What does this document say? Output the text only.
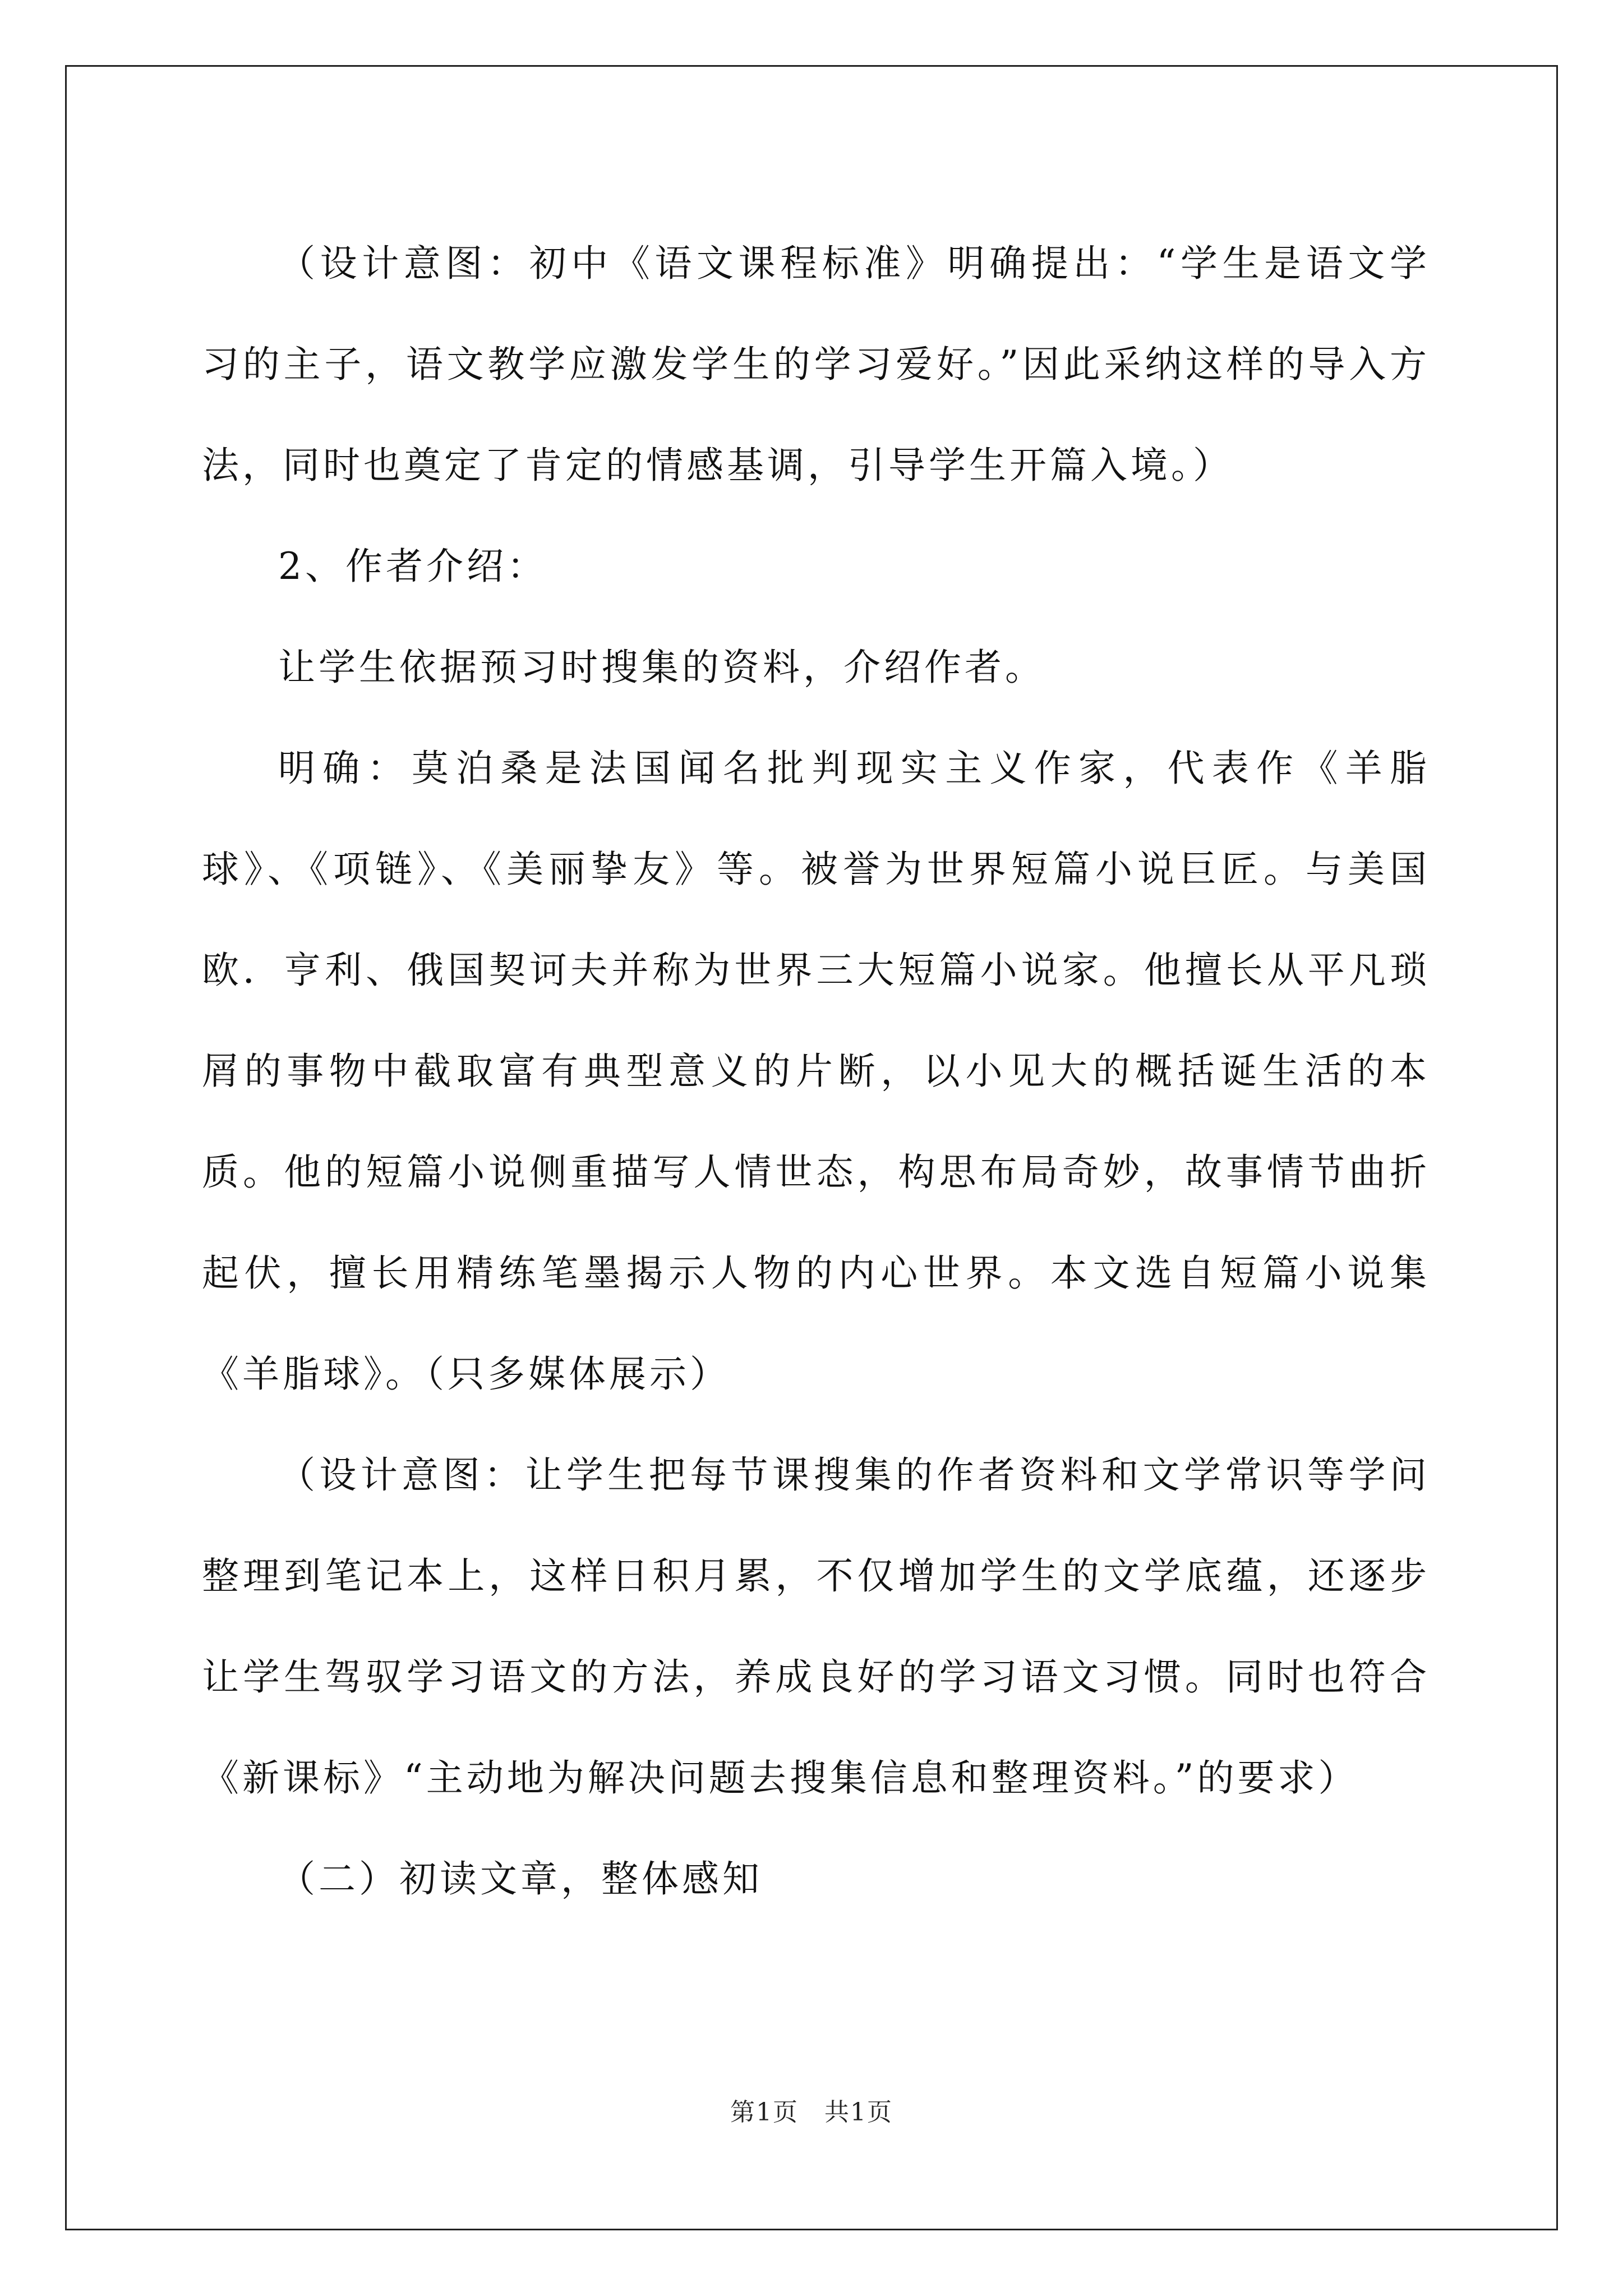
（设计意图：初中《语文课程标准》明确提出：“学生是语文学习的主子，语文教学应激发学生的学习爱好。”因此采纳这样的导入方法，同时也奠定了肯定的情感基调，引导学生开篇入境。）

2、作者介绍：

让学生依据预习时搜集的资料，介绍作者。

明确：莫泊桑是法国闻名批判现实主义作家，代表作《羊脂球》、《项链》、《美丽挚友》等。被誉为世界短篇小说巨匠。与美国欧．亨利、俄国契诃夫并称为世界三大短篇小说家。他擅长从平凡琐屑的事物中截取富有典型意义的片断，以小见大的概括诞生活的本质。他的短篇小说侧重描写人情世态，构思布局奇妙，故事情节曲折起伏，擅长用精练笔墨揭示人物的内心世界。本文选自短篇小说集《羊脂球》。（只多媒体展示）

（设计意图：让学生把每节课搜集的作者资料和文学常识等学问整理到笔记本上，这样日积月累，不仅增加学生的文学底蕴，还逐步让学生驾驭学习语文的方法，养成良好的学习语文习惯。同时也符合《新课标》“主动地为解决问题去搜集信息和整理资料。”的要求）

（二）初读文章，整体感知

第1页　共1页
